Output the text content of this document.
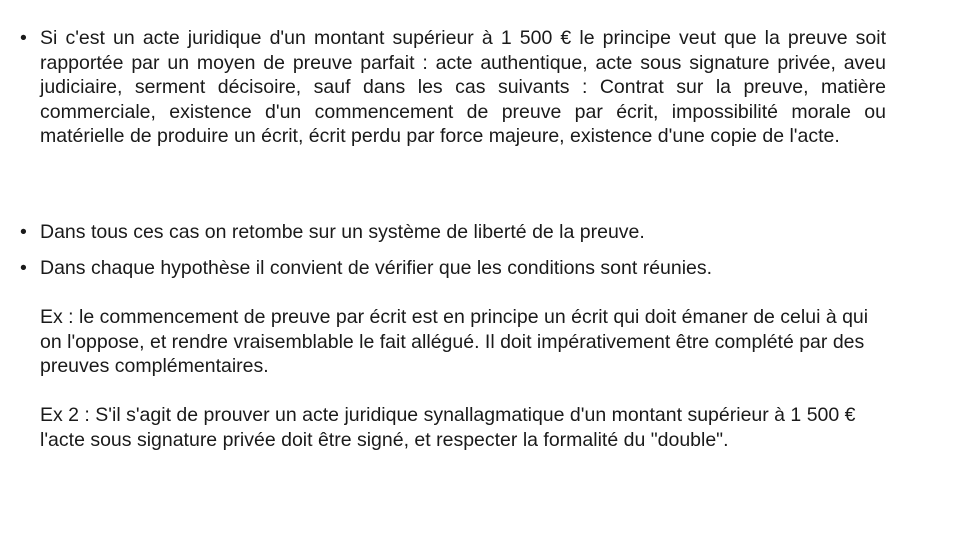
• Si c'est un acte juridique d'un montant supérieur à 1 500 € le principe veut que la preuve soit rapportée par un moyen de preuve parfait : acte authentique, acte sous signature privée, aveu judiciaire, serment décisoire, sauf dans les cas suivants : Contrat sur la preuve, matière commerciale, existence d'un commencement de preuve par écrit, impossibilité morale ou matérielle de produire un écrit, écrit perdu par force majeure, existence d'une copie de l'acte.
• Dans tous ces cas on retombe sur un système de liberté de la preuve.
• Dans chaque hypothèse il convient de vérifier que les conditions sont réunies.

Ex : le commencement de preuve par écrit est en principe un écrit qui doit émaner de celui à qui on l'oppose, et rendre vraisemblable le fait allégué. Il doit impérativement être complété par des preuves complémentaires.

Ex 2 : S'il s'agit de prouver un acte juridique synallagmatique d'un montant supérieur à 1 500 € l'acte sous signature privée doit être signé, et respecter la formalité du "double".
